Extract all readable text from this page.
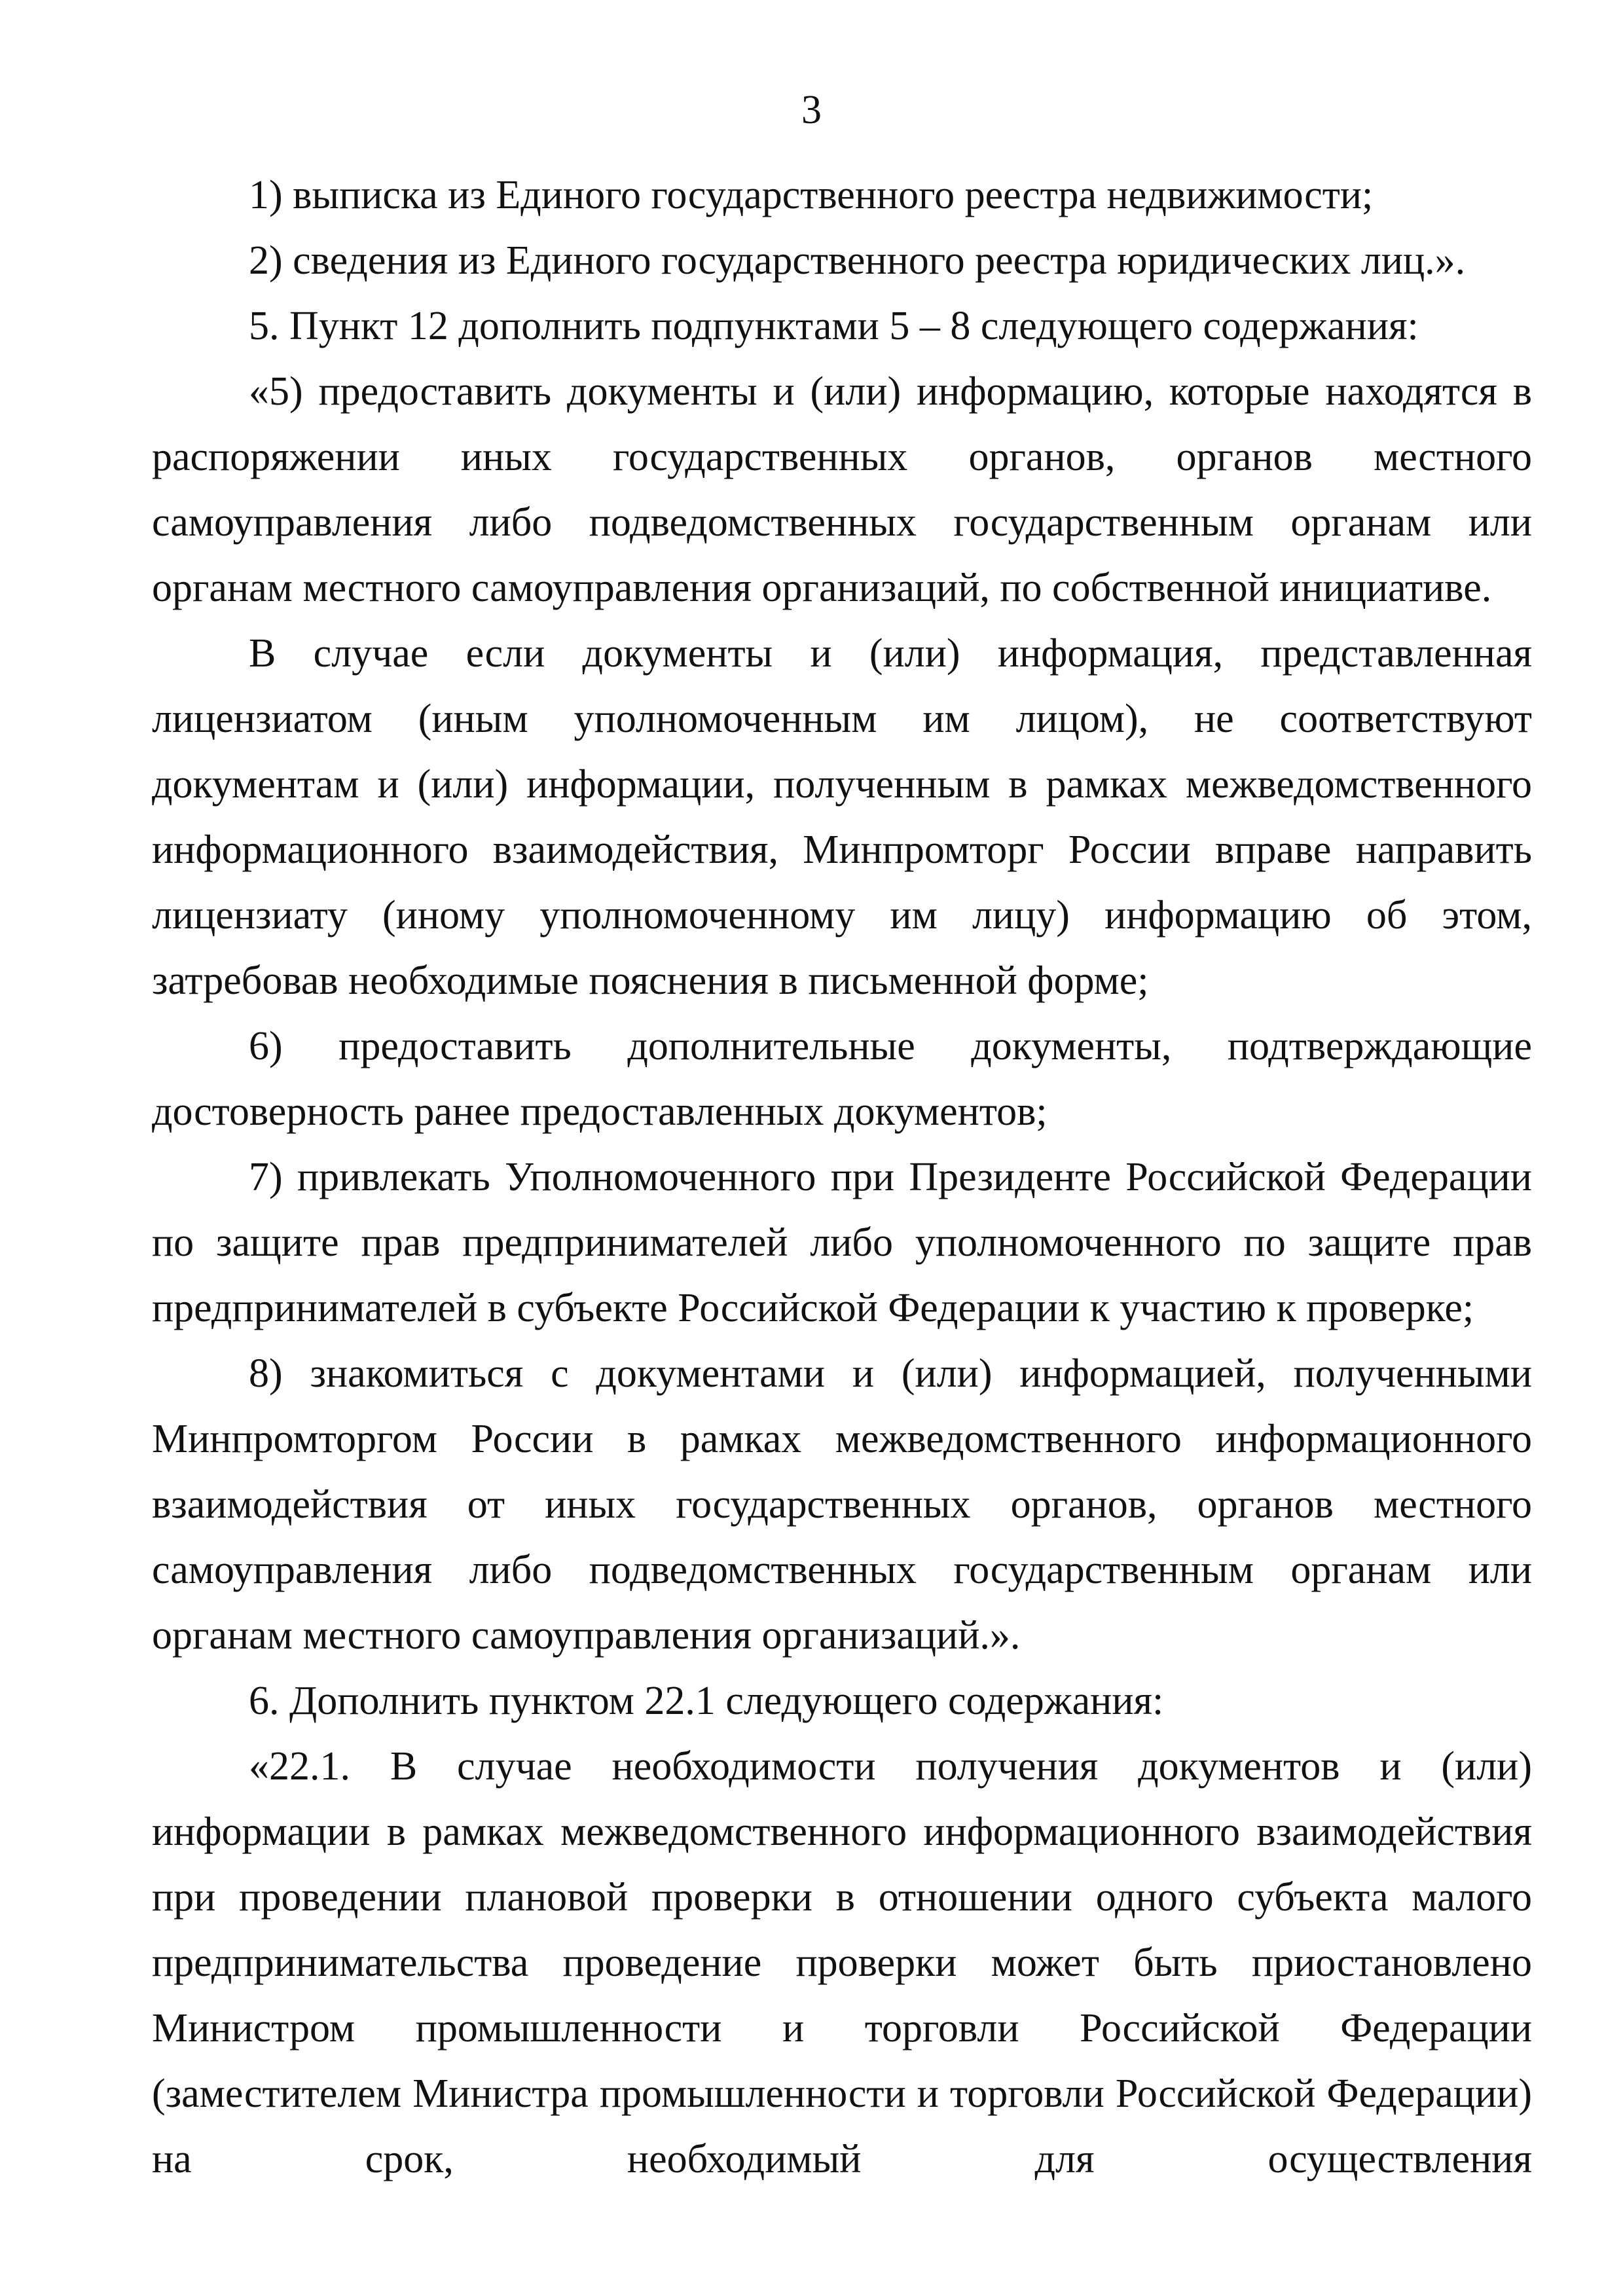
3

1) выписка из Единого государственного реестра недвижимости;

2) сведения из Единого государственного реестра юридических лиц.».

5. Пункт 12 дополнить подпунктами 5 – 8 следующего содержания:

«5) предоставить документы и (или) информацию, которые находятся в распоряжении иных государственных органов, органов местного самоуправления либо подведомственных государственным органам или органам местного самоуправления организаций, по собственной инициативе.

В случае если документы и (или) информация, представленная лицензиатом (иным уполномоченным им лицом), не соответствуют документам и (или) информации, полученным в рамках межведомственного информационного взаимодействия, Минпромторг России вправе направить лицензиату (иному уполномоченному им лицу) информацию об этом, затребовав необходимые пояснения в письменной форме;

6) предоставить дополнительные документы, подтверждающие достоверность ранее предоставленных документов;

7) привлекать Уполномоченного при Президенте Российской Федерации по защите прав предпринимателей либо уполномоченного по защите прав предпринимателей в субъекте Российской Федерации к участию к проверке;

8) знакомиться с документами и (или) информацией, полученными Минпромторгом России в рамках межведомственного информационного взаимодействия от иных государственных органов, органов местного самоуправления либо подведомственных государственным органам или органам местного самоуправления организаций.».

6. Дополнить пунктом 22.1 следующего содержания:

«22.1. В случае необходимости получения документов и (или) информации в рамках межведомственного информационного взаимодействия при проведении плановой проверки в отношении одного субъекта малого предпринимательства проведение проверки может быть приостановлено Министром промышленности и торговли Российской Федерации (заместителем Министра промышленности и торговли Российской Федерации) на срок, необходимый для осуществления
